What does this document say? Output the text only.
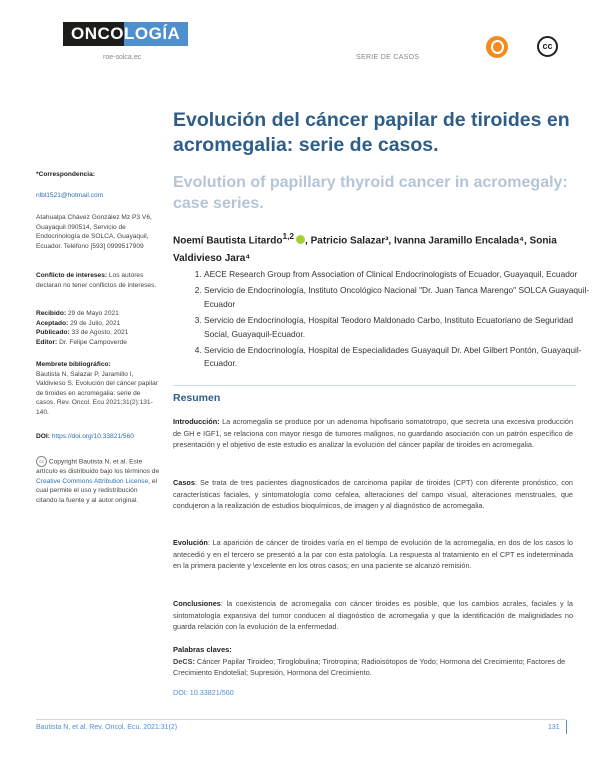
ONCO LOGÍA
roe-solca.ec	SERIE DE CASOS
cc
Evolución del cáncer papilar de tiroides en acromegalia: serie de casos.
Evolution of papillary thyroid cancer in acromegaly: case series.
Noemí Bautista Litardo$^{1,2}$ , Patricio Salazar³, Ivanna Jaramillo Encalada⁴, Sonia Valdivieso Jara⁴
1. AECE Research Group from Association of Clinical Endocrinologists of Ecuador, Guayaquil, Ecuador
2. Servicio de Endocrinología, Instituto Oncológico Nacional "Dr. Juan Tanca Marengo" SOLCA Guayaquil-Ecuador
3. Servicio de Endocrinología, Hospital Teodoro Maldonado Carbo, Instituto Ecuatoriano de Seguridad Social, Guayaquil-Ecuador.
4. Servicio de Endocrinología, Hospital de Especialidades Guayaquil Dr. Abel Gilbert Pontón, Guayaquil-Ecuador.
Resumen

Introducción: La acromegalia se produce por un adenoma hipofisario somatotropo, que secreta una excesiva producción de GH e IGF1, se relaciona con mayor riesgo de tumores malignos, no guardando asociación con un patrón específico de presentación y el objetivo de este estudio es analizar la evolución del cáncer papilar de tiroides en acromegalia.

Casos: Se trata de tres pacientes diagnosticados de carcinoma papilar de tiroides (CPT) con diferente pronóstico, con características faciales, y sintomatología como cefalea, alteraciones del campo visual, alteraciones menstruales, que condujeron a la realización de estudios bioquímicos, de imagen y al diagnóstico de acromegalia.

Evolución: La aparición de cáncer de tiroides varía en el tiempo de evolución de la acromegalia, en dos de los casos lo antecedió y en el tercero se presentó a la par con esta patología. La respuesta al tratamiento en el CPT es indeterminada en la primera paciente y \excelente en los otros casos; en una paciente se alcanzó remisión.

Conclusiones: la coexistencia de acromegalia con cáncer tiroides es posible, que los cambios acrales, faciales y la sintomatología expansiva del tumor conducen al diagnóstico de acromegalia y que la identificación de malignidades no guarda relación con la evolución de la enfermedad.

Palabras claves:

DeCS: Cáncer Papilar Tiroideo; Tiroglobulina; Tirotropina; Radioisótopos de Yodo; Hormona del Crecimiento; Factores de Crecimiento Endotelial; Supresión, Hormona del Crecimiento.

DOI: 10.33821/560

*Correspondencia:

nlbl1521@hotmail.com

Atahualpa Chávez González Mz P3 V6, Guayaquil 090514, Servicio de Endocrinología de SOLCA, Guayaquil, Ecuador. Teléfono [593] 0999517909

Conflicto de intereses: Los autores declaran no tener conflictos de intereses.

Recibido: 29 de Mayo 2021
Aceptado: 29 de Julio, 2021
Publicado: 33 de Agosto, 2021
Editor: Dr. Felipe Campoverde

Membrete bibliográfico:
Bautista N, Salazar P, Jaramillo I, Valdivieso S. Evolución del cáncer papilar de tiroides en acromegalia: serie de casos. Rev. Oncol. Ecu 2021;31(2):131-140.

DOI: https://doi.org/10.33821/560

cc Copyright Bautista N, et al. Este artículo es distribuido bajo los términos de Creative Commons Attribution License, el cual permite el uso y redistribución citando la fuente y al autor original.

Bautista N, et al. Rev. Oncol. Ecu. 2021:31(2)	131
